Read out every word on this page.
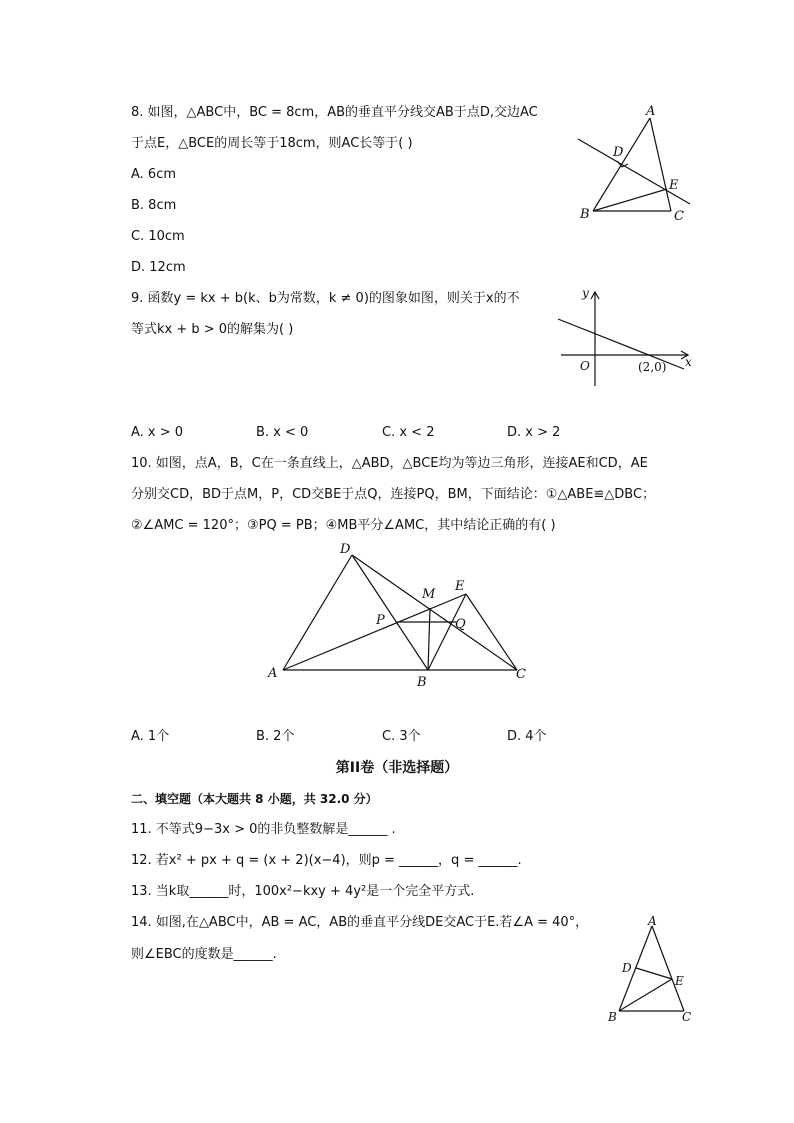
8. 如图，△ABC中，BC = 8cm，AB的垂直平分线交AB于点D,交边AC
于点E，△BCE的周长等于18cm，则AC长等于( )
A. 6cm
B. 8cm
C. 10cm
D. 12cm
A
B	C
D
E
9. 函数y = kx + b(k、b为常数，k ≠ 0)的图象如图，则关于x的不
等式kx + b > 0的解集为( )
y
x
O	(2,0)
A. x > 0	B. x < 0	C. x < 2	D. x > 2
10. 如图，点A，B，C在一条直线上，△ABD，△BCE均为等边三角形，连接AE和CD，AE
分别交CD，BD于点M，P，CD交BE于点Q，连接PQ，BM，下面结论：①△ABE≌△DBC；
②∠AMC = 120°；③PQ = PB；④MB平分∠AMC，其中结论正确的有( )
D
E
M
P	Q
A
B
C
A. 1个	B. 2个	C. 3个	D. 4个
第II卷（非选择题）
二、填空题（本大题共 8 小题，共 32.0 分）
11. 不等式9−3x > 0的非负整数解是______ .
12. 若x² + px + q = (x + 2)(x−4)，则p = ______，q = ______.
13. 当k取______时，100x²−kxy + 4y²是一个完全平方式.
14. 如图,在△ABC中，AB = AC，AB的垂直平分线DE交AC于E.若∠A = 40°，
则∠EBC的度数是______.
A
B	C
D
E
